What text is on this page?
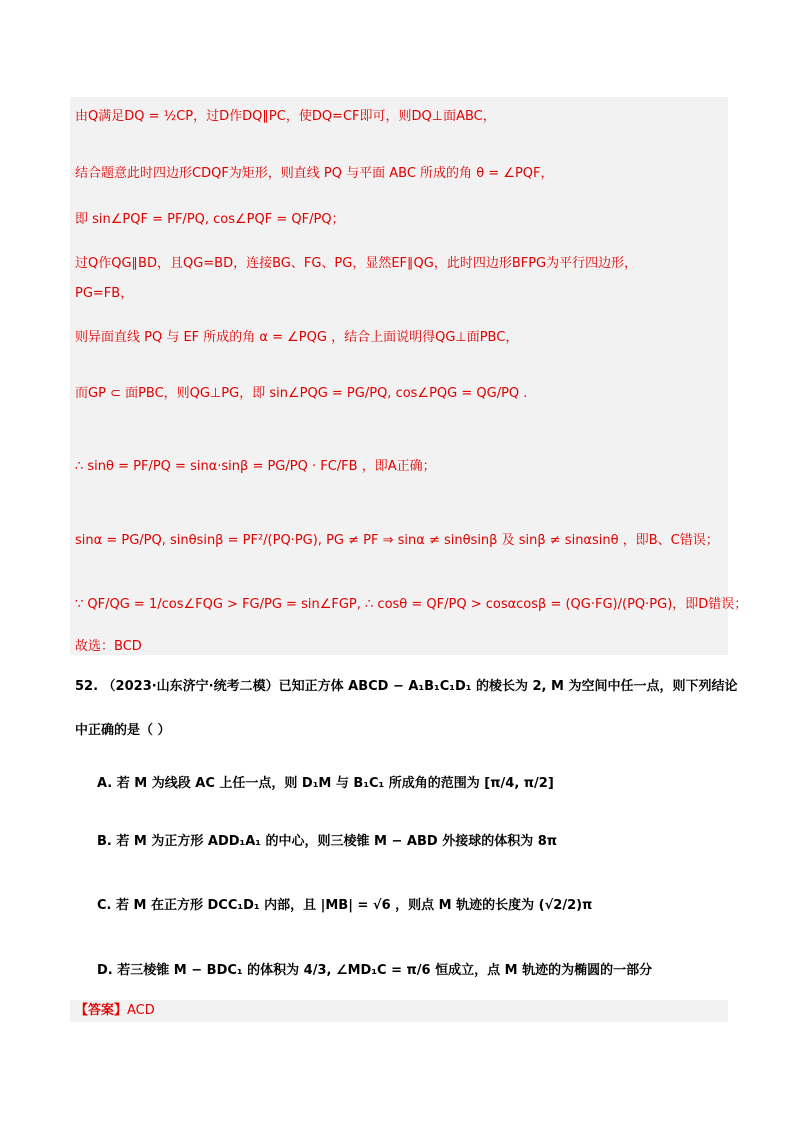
由Q满足DQ = ½CP，过D作DQ∥PC，使DQ=CF即可，则DQ⊥面ABC，
结合题意此时四边形CDQF为矩形，则直线 PQ 与平面 ABC 所成的角 θ = ∠PQF，
即 sin∠PQF = PF/PQ, cos∠PQF = QF/PQ；
过Q作QG∥BD，且QG=BD，连接BG、FG、PG，显然EF∥QG，此时四边形BFPG为平行四边形，
PG=FB，
则异面直线 PQ 与 EF 所成的角 α = ∠PQG ，结合上面说明得QG⊥面PBC，
而GP ⊂ 面PBC，则QG⊥PG，即 sin∠PQG = PG/PQ, cos∠PQG = QG/PQ .
∴ sinθ = PF/PQ = sinα·sinβ = PG/PQ · FC/FB ，即A正确；
sinα = PG/PQ, sinθsinβ = PF²/(PQ·PG), PG ≠ PF ⇒ sinα ≠ sinθsinβ 及 sinβ ≠ sinαsinθ ，即B、C错误；
∵ QF/QG = 1/cos∠FQG > FG/PG = sin∠FGP, ∴ cosθ = QF/PQ > cosαcosβ = (QG·FG)/(PQ·PG)，即D错误；
故选：BCD
52. （2023·山东济宁·统考二模）已知正方体 ABCD − A₁B₁C₁D₁ 的棱长为 2, M 为空间中任一点，则下列结论
中正确的是（ ）
A. 若 M 为线段 AC 上任一点，则 D₁M 与 B₁C₁ 所成角的范围为 [π/4, π/2]
B. 若 M 为正方形 ADD₁A₁ 的中心，则三棱锥 M − ABD 外接球的体积为 8π
C. 若 M 在正方形 DCC₁D₁ 内部，且 |MB| = √6 ，则点 M 轨迹的长度为 (√2/2)π
D. 若三棱锥 M − BDC₁ 的体积为 4/3, ∠MD₁C = π/6 恒成立，点 M 轨迹的为椭圆的一部分
【答案】ACD
